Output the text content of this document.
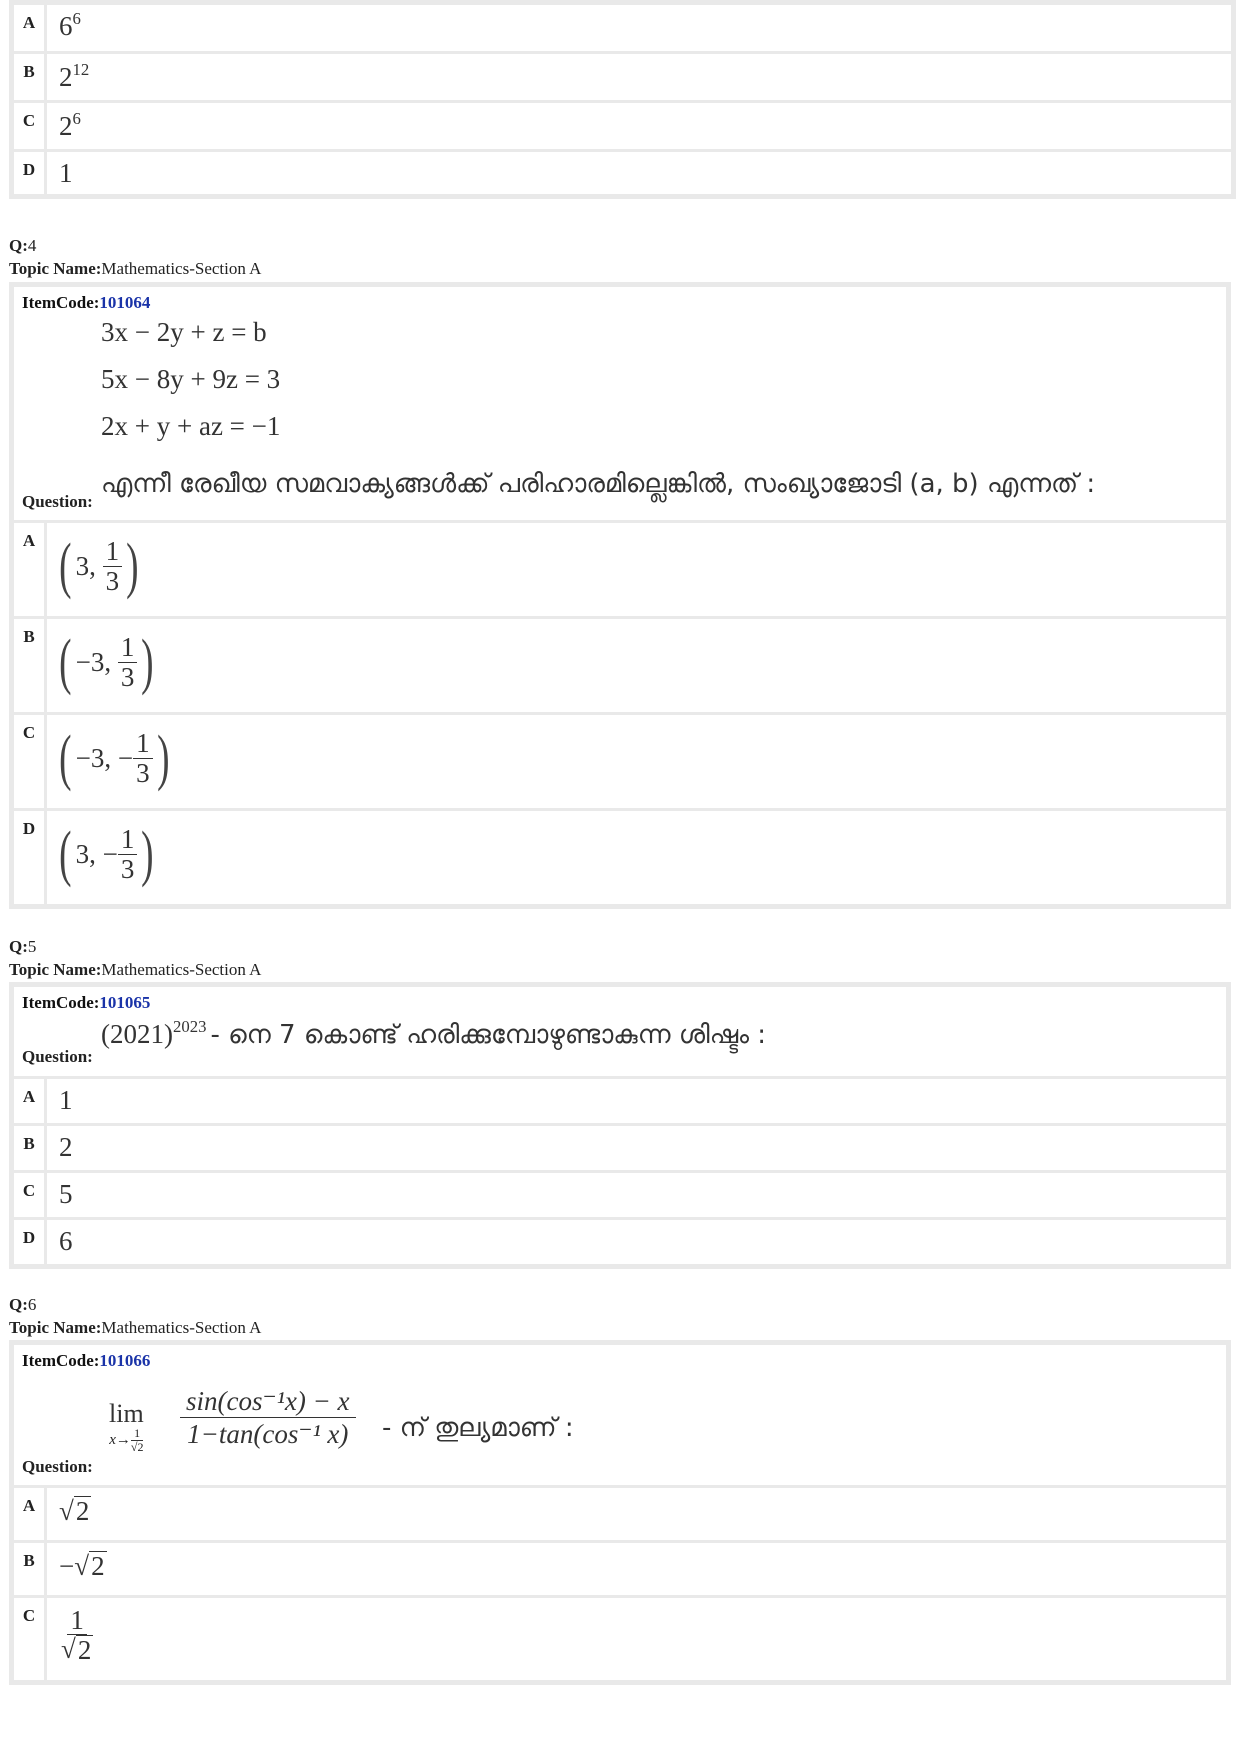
A $6^6$
B $2^{12}$
C $2^6$
D 1
Q:4
Topic Name:Mathematics-Section A
ItemCode:101064
3x − 2y + z = b
5x − 8y + 9z = 3
2x + y + az = −1
Question:
എന്നീ രേഖീയ സമവാക്യങ്ങൾക്ക് പരിഹാരമില്ലെങ്കിൽ, സംഖ്യാജോടി (a, b) എന്നത് :
A ( 3,
$\frac{1}{3}$ )
B ( −3,
$\frac{1}{3}$ )
C ( −3,
− $\frac{1}{3}$ )
D ( 3,
− $\frac{1}{3}$ )
Q:5
Topic Name:Mathematics-Section A
ItemCode:101065
Question:
$(2021)^{2023}$ - നെ 7 കൊണ്ട് ഹരിക്കുമ്പോഴുണ്ടാകുന്ന ശിഷ്ടം :
A 1
B 2
C 5
D 6
Q:6
Topic Name:Mathematics-Section A
ItemCode:101066
Question:
lim
$x\to \frac{1}{√2} \frac{\text{sin(cos⁻¹x) − x}}{\text{1−tan(cos⁻¹ x)}}$ - ന് തുല്യമാണ് :
A √ 2
B − √ 2
C $\frac{1}{√ 2}$
